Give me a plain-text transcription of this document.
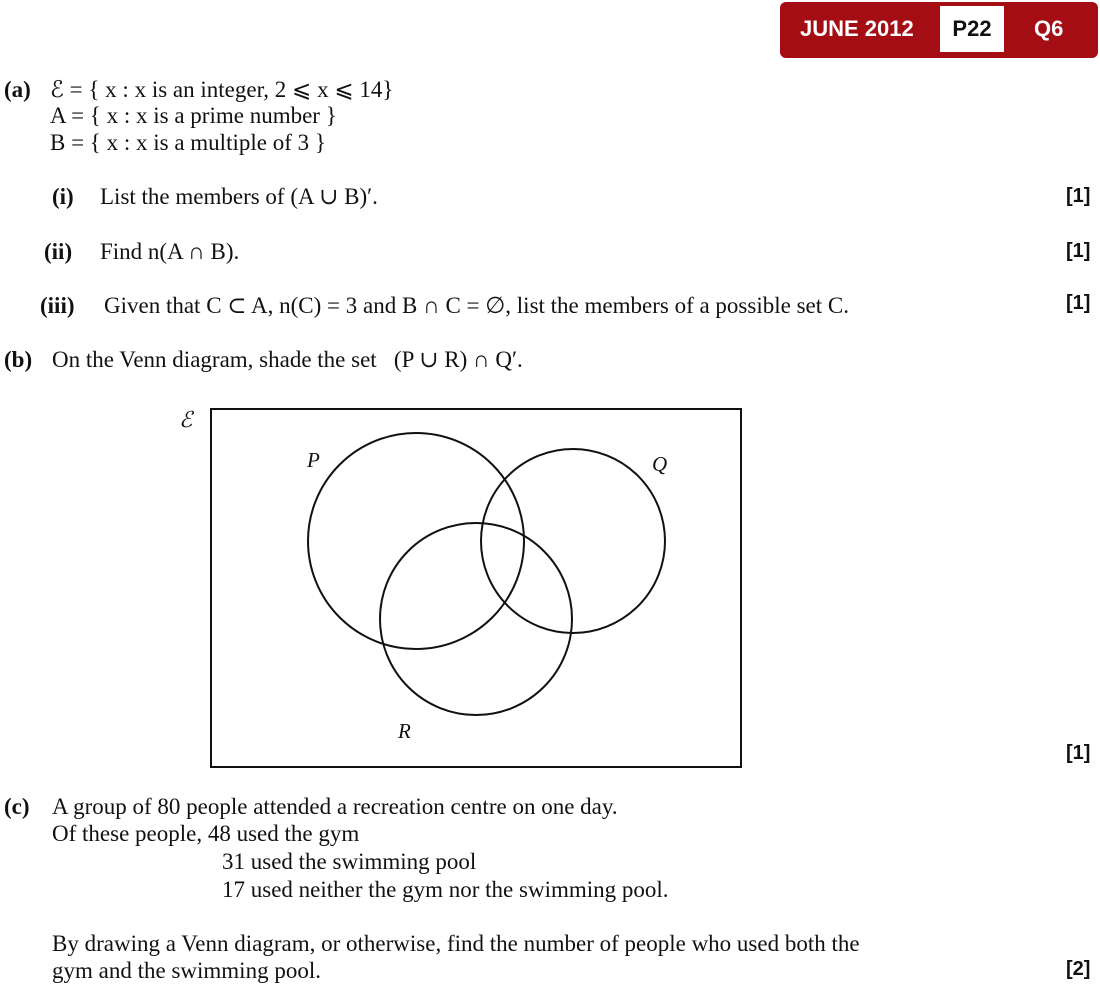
JUNE 2012	P22	Q6
(a) ℰ = { x : x is an integer, 2 ⩽ x ⩽ 14}
A = { x : x is a prime number }
B = { x : x is a multiple of 3 }
(i) List the members of (A ∪ B)′.	[1]
(ii) Find n(A ∩ B).	[1]
(iii) Given that C ⊂ A, n(C) = 3 and B ∩ C = ∅, list the members of a possible set C.	[1]
(b) On the Venn diagram, shade the set   (P ∪ R) ∩ Q′.
ℰ
P	Q
R
[1]
(c) A group of 80 people attended a recreation centre on one day.
Of these people, 48 used the gym
31 used the swimming pool
17 used neither the gym nor the swimming pool.
By drawing a Venn diagram, or otherwise, find the number of people who used both the
gym and the swimming pool.	[2]
